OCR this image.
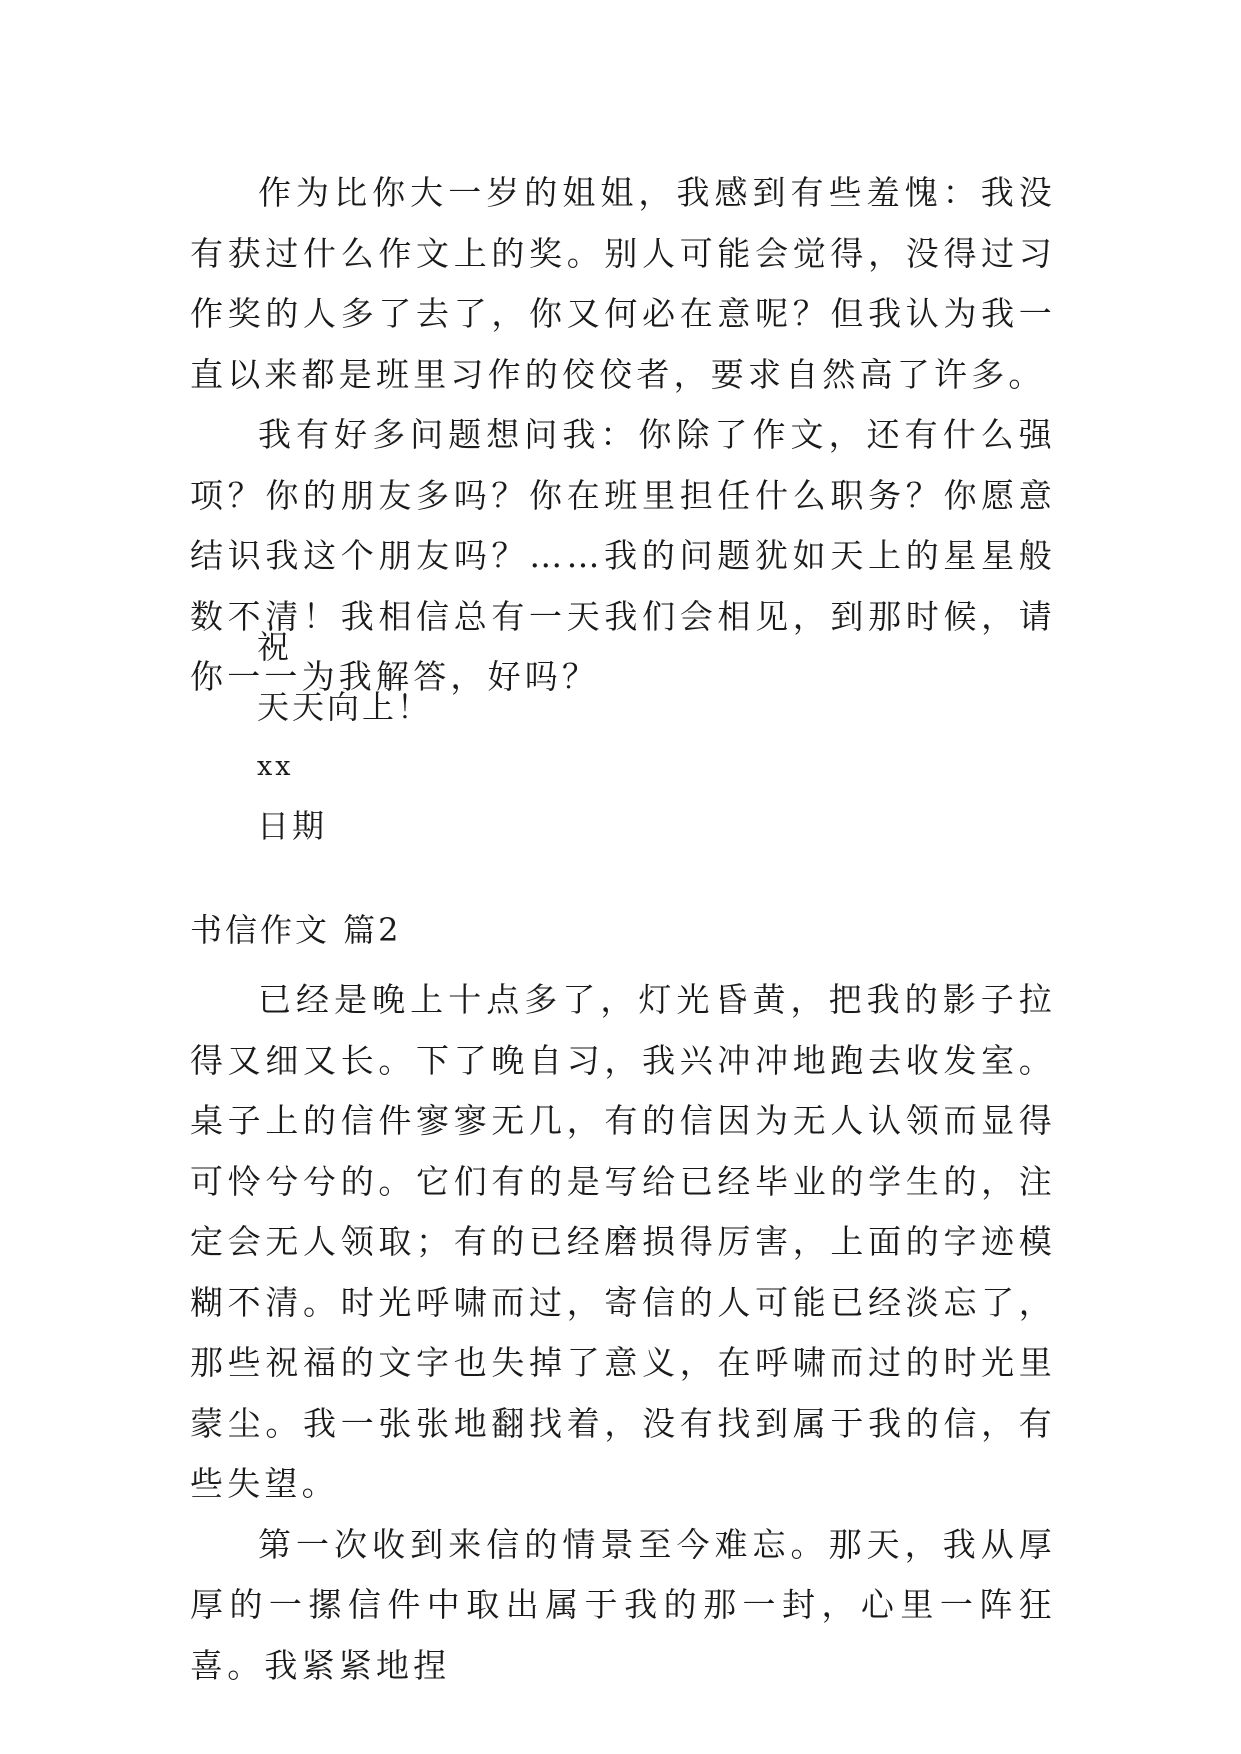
作为比你大一岁的姐姐，我感到有些羞愧：我没有获过什么作文上的奖。别人可能会觉得，没得过习作奖的人多了去了，你又何必在意呢？但我认为我一直以来都是班里习作的佼佼者，要求自然高了许多。

我有好多问题想问我：你除了作文，还有什么强项？你的朋友多吗？你在班里担任什么职务？你愿意结识我这个朋友吗？……我的问题犹如天上的星星般数不清！我相信总有一天我们会相见，到那时候，请你一一为我解答，好吗？

祝
天天向上！
xx
日期
书信作文 篇2

已经是晚上十点多了，灯光昏黄，把我的影子拉得又细又长。下了晚自习，我兴冲冲地跑去收发室。桌子上的信件寥寥无几，有的信因为无人认领而显得可怜兮兮的。它们有的是写给已经毕业的学生的，注定会无人领取；有的已经磨损得厉害，上面的字迹模糊不清。时光呼啸而过，寄信的人可能已经淡忘了，那些祝福的文字也失掉了意义，在呼啸而过的时光里蒙尘。我一张张地翻找着，没有找到属于我的信，有些失望。

第一次收到来信的情景至今难忘。那天，我从厚厚的一摞信件中取出属于我的那一封，心里一阵狂喜。我紧紧地捏
